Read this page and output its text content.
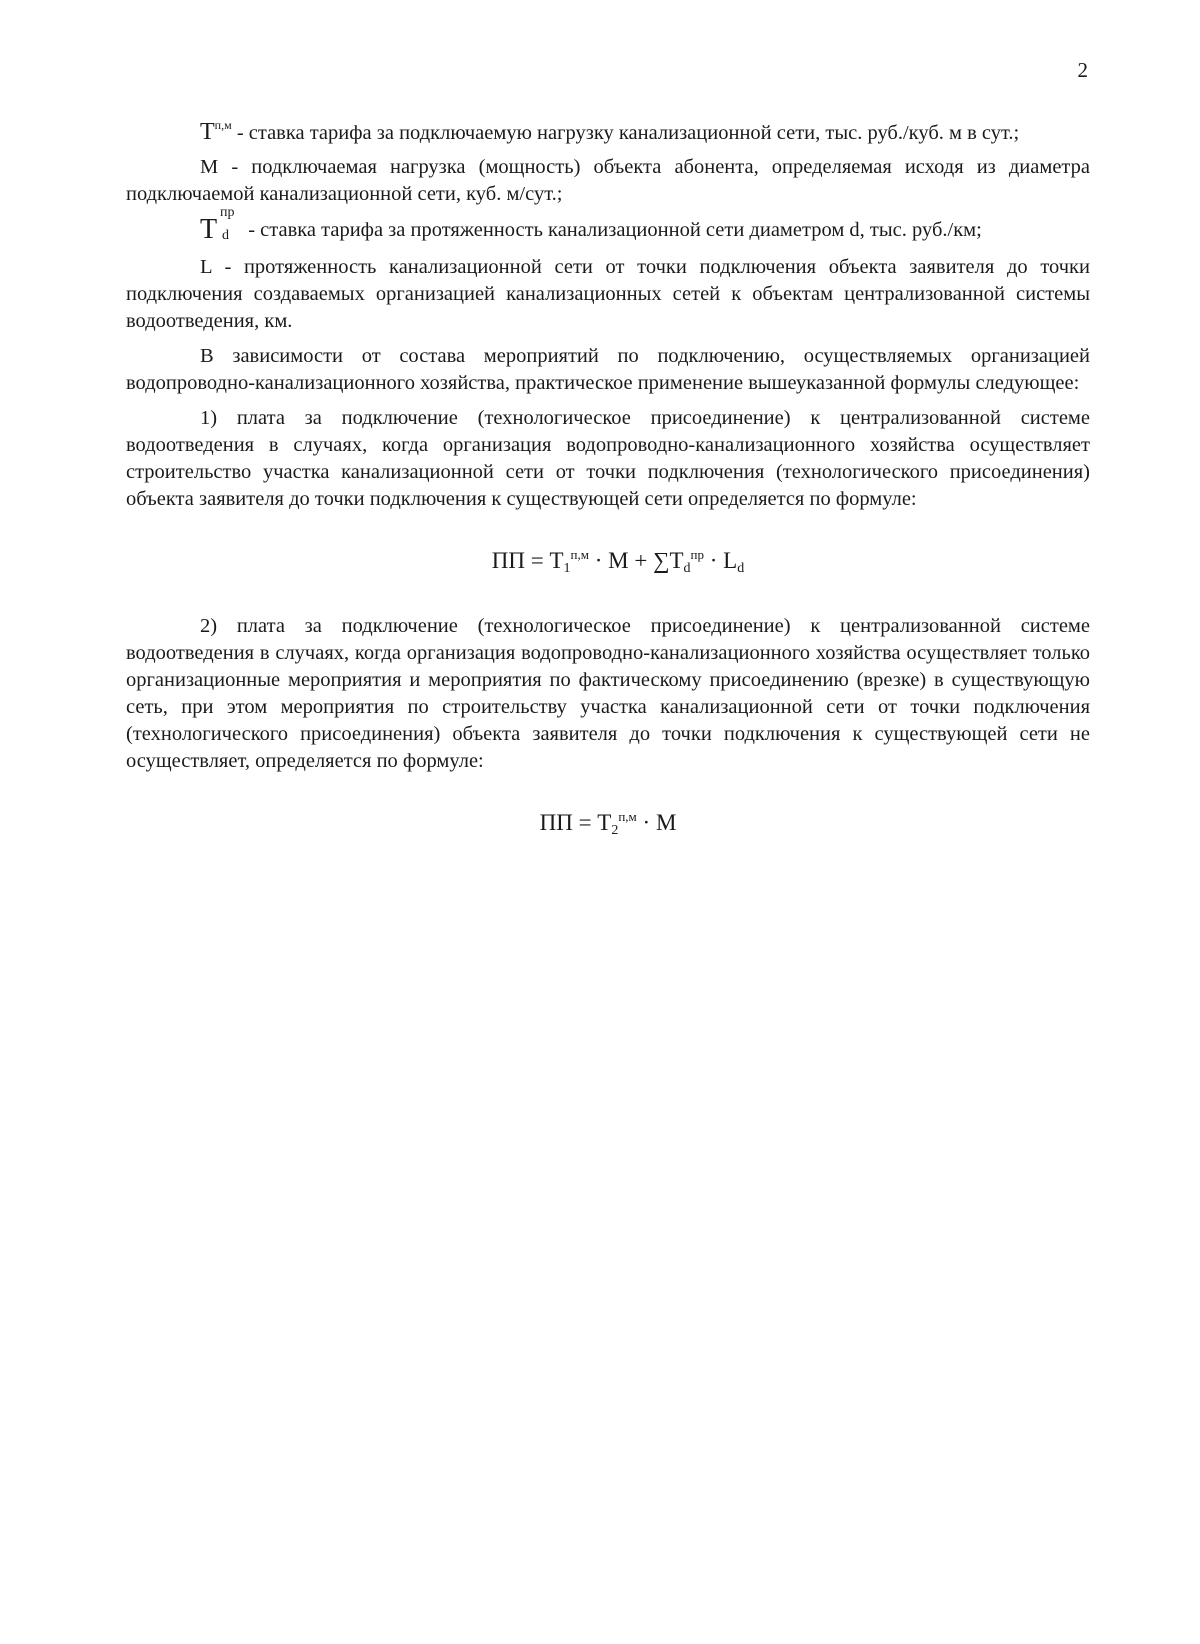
2

$Т^{п,м}$ - ставка тарифа за подключаемую нагрузку канализационной сети, тыс. руб./куб. м в сут.;

М - подключаемая нагрузка (мощность) объекта абонента, определяемая исходя из диаметра подключаемой канализационной сети, куб. м/сут.;

Т
пр
d - ставка тарифа за протяженность канализационной сети диаметром d, тыс. руб./км;

L - протяженность канализационной сети от точки подключения объекта заявителя до точки подключения создаваемых организацией канализационных сетей к объектам централизованной системы водоотведения, км.

В зависимости от состава мероприятий по подключению, осуществляемых организацией водопроводно-канализационного хозяйства, практическое применение вышеуказанной формулы следующее:

1) плата за подключение (технологическое присоединение) к централизованной системе водоотведения в случаях, когда организация водопроводно-канализационного хозяйства осуществляет строительство участка канализационной сети от точки подключения (технологического присоединения) объекта заявителя до точки подключения к существующей сети определяется по формуле:

ПП = $Т_1^{п,м} \cdot М + \sum Т_d^{пр} \cdot L_d$

2) плата за подключение (технологическое присоединение) к централизованной системе водоотведения в случаях, когда организация водопроводно-канализационного хозяйства осуществляет только организационные мероприятия и мероприятия по фактическому присоединению (врезке) в существующую сеть, при этом мероприятия по строительству участка канализационной сети от точки подключения (технологического присоединения) объекта заявителя до точки подключения к существующей сети не осуществляет, определяется по формуле:

ПП = $Т_2^{п,м} \cdot М$
